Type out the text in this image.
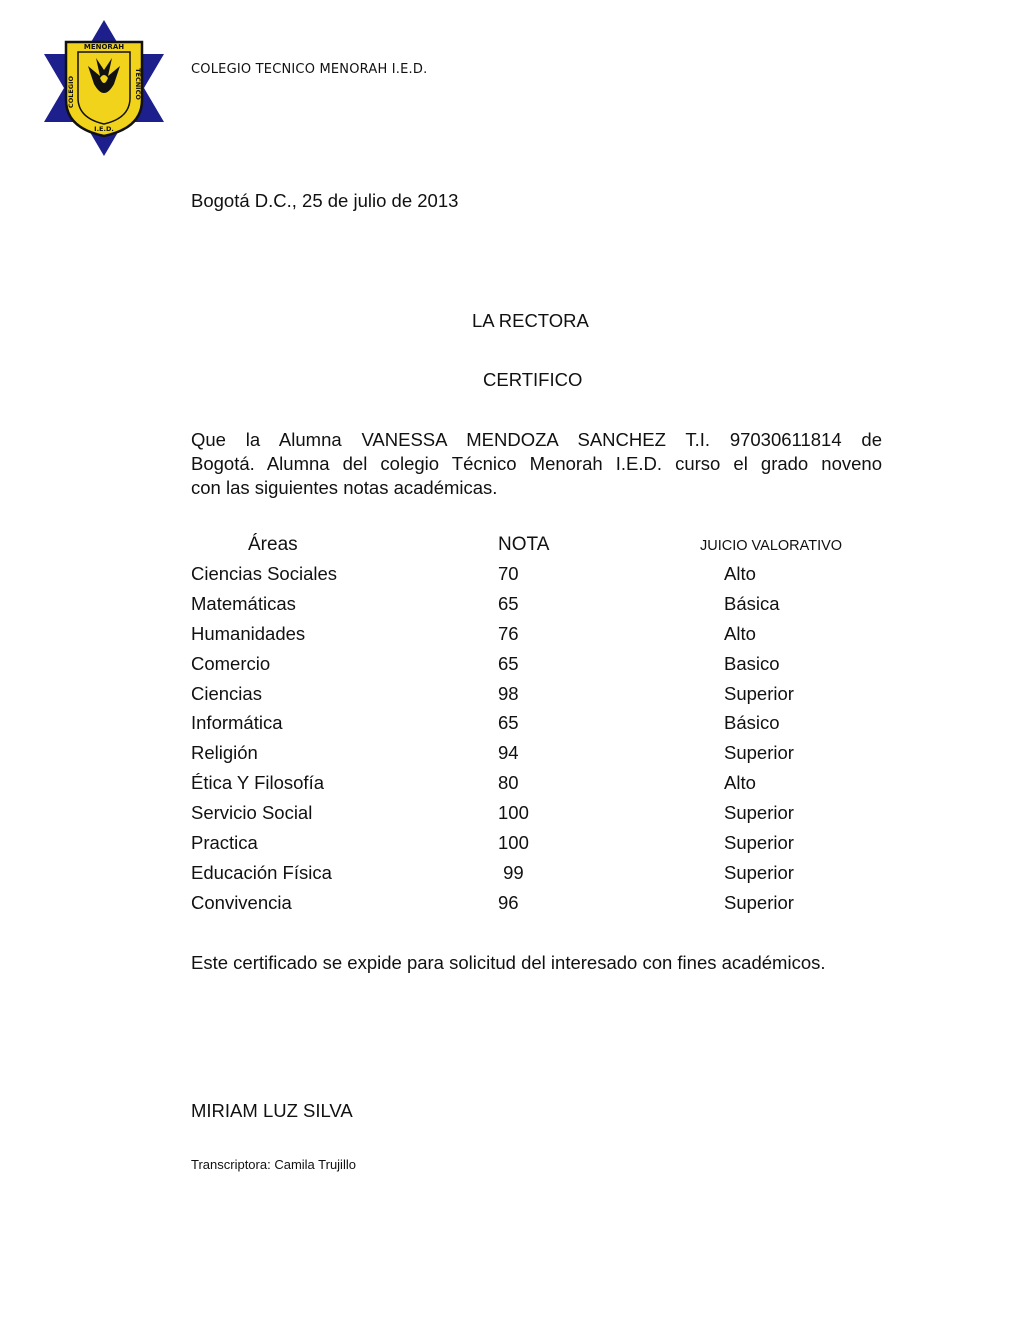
MENORAH
COLEGIO	TECNICO
I.E.D.
COLEGIO TECNICO MENORAH I.E.D.
Bogotá D.C., 25 de julio de 2013
LA RECTORA
CERTIFICO
Que la Alumna VANESSA MENDOZA SANCHEZ T.I. 97030611814 de
Bogotá. Alumna del colegio Técnico Menorah I.E.D. curso el grado noveno
con las siguientes notas académicas.
Áreas	NOTA	JUICIO VALORATIVO
Ciencias Sociales	70	Alto
Matemáticas	65	Básica
Humanidades	76	Alto
Comercio	65	Basico
Ciencias	98	Superior
Informática	65	Básico
Religión	94	Superior
Ética Y Filosofía	80	Alto
Servicio Social	100	Superior
Practica	100	Superior
Educación Física	99	Superior
Convivencia	96	Superior
Este certificado se expide para solicitud del interesado con fines académicos.
MIRIAM LUZ SILVA
Transcriptora: Camila Trujillo
